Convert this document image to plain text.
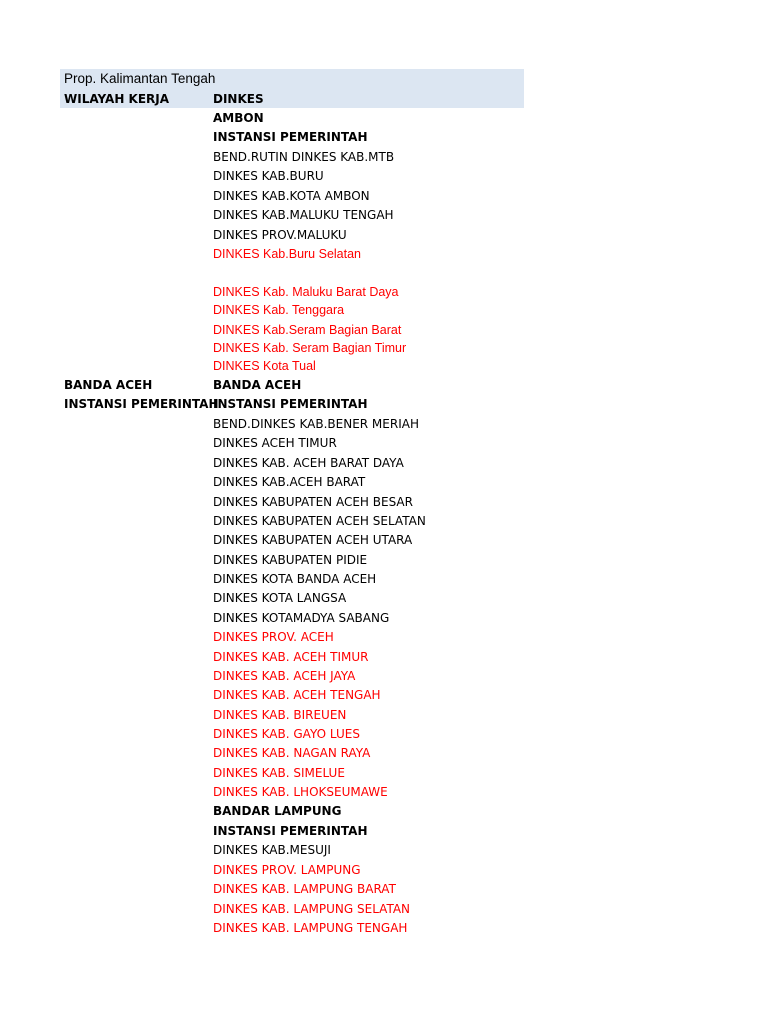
Prop. Kalimantan Tengah
WILAYAH KERJA	DINKES
AMBON
INSTANSI PEMERINTAH
BEND.RUTIN DINKES KAB.MTB
DINKES KAB.BURU
DINKES KAB.KOTA AMBON
DINKES KAB.MALUKU TENGAH
DINKES PROV.MALUKU
DINKES Kab.Buru Selatan
DINKES Kab. Maluku Barat Daya
DINKES Kab. Tenggara
DINKES Kab.Seram Bagian Barat
DINKES Kab. Seram Bagian Timur
DINKES Kota Tual
BANDA ACEH	BANDA ACEH
INSTANSI PEMERINTAH
INSTANSI PEMERINTAH
BEND.DINKES KAB.BENER MERIAH
DINKES ACEH TIMUR
DINKES KAB. ACEH BARAT DAYA
DINKES KAB.ACEH BARAT
DINKES KABUPATEN ACEH BESAR
DINKES KABUPATEN ACEH SELATAN
DINKES KABUPATEN ACEH UTARA
DINKES KABUPATEN PIDIE
DINKES KOTA BANDA ACEH
DINKES KOTA LANGSA
DINKES KOTAMADYA SABANG
DINKES PROV. ACEH
DINKES KAB. ACEH TIMUR
DINKES KAB. ACEH JAYA
DINKES KAB. ACEH TENGAH
DINKES KAB. BIREUEN
DINKES KAB. GAYO LUES
DINKES KAB. NAGAN RAYA
DINKES KAB. SIMELUE
DINKES KAB. LHOKSEUMAWE
BANDAR LAMPUNG
INSTANSI PEMERINTAH
DINKES KAB.MESUJI
DINKES PROV. LAMPUNG
DINKES KAB. LAMPUNG BARAT
DINKES KAB. LAMPUNG SELATAN
DINKES KAB. LAMPUNG TENGAH
